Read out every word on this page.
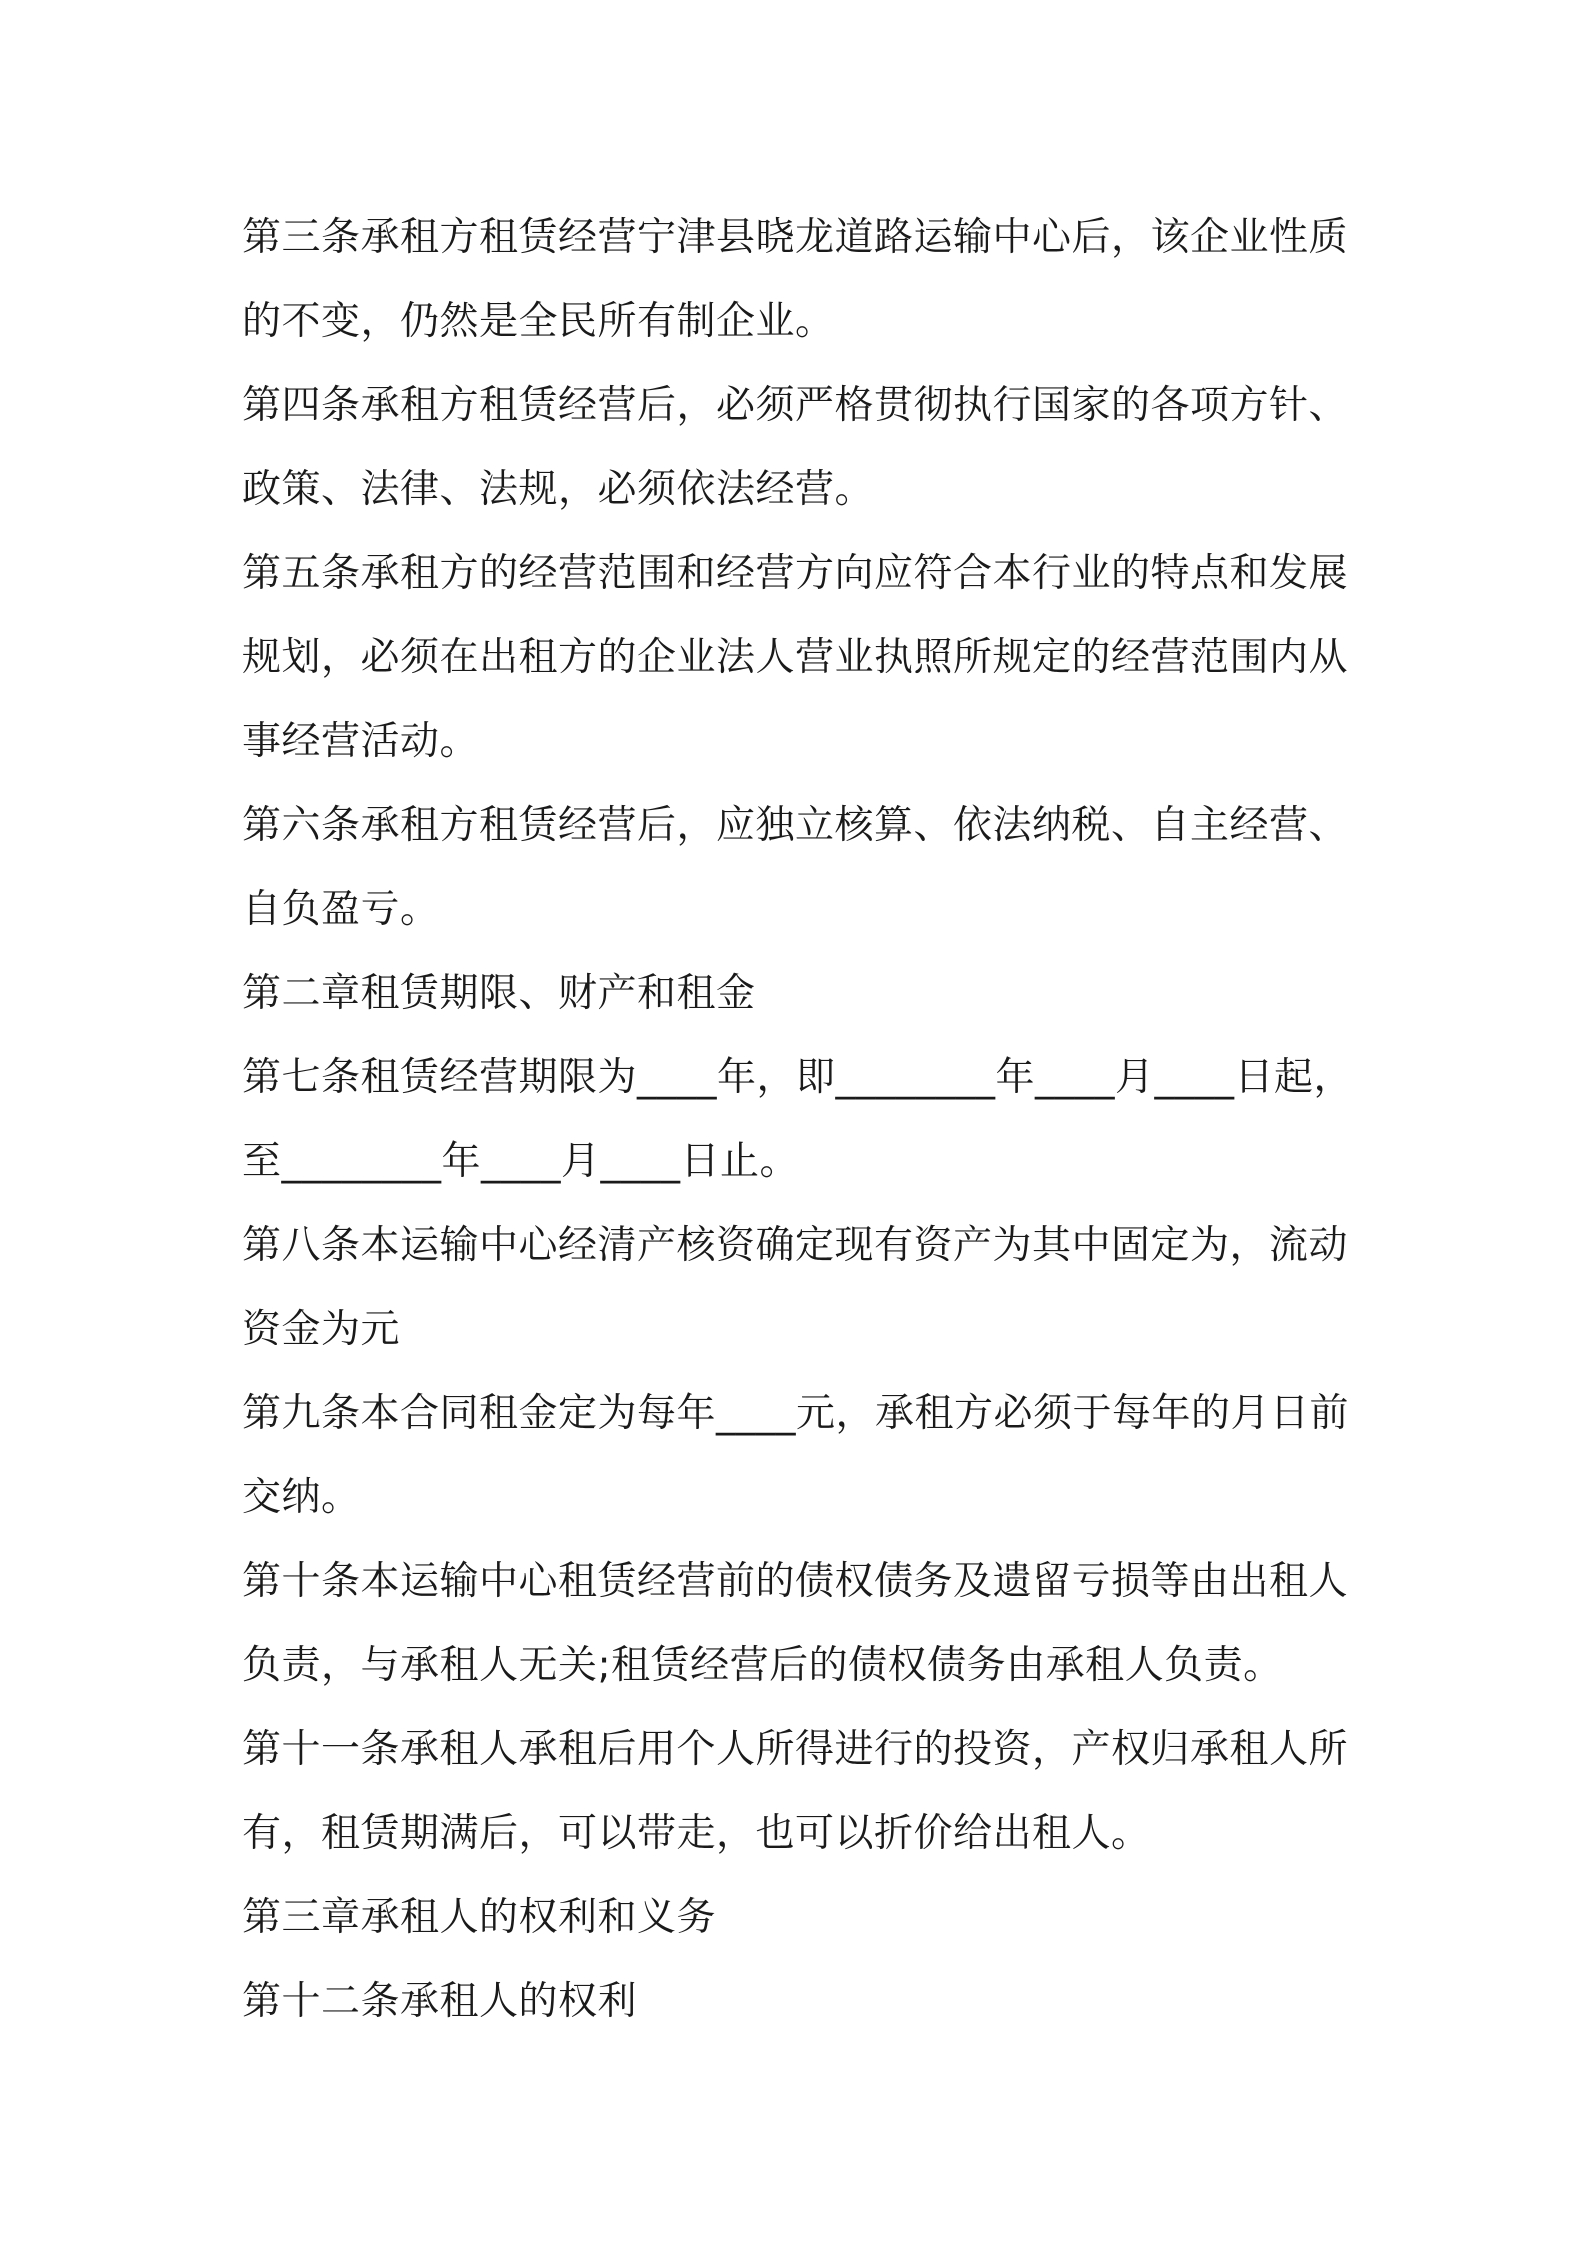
第三条承租方租赁经营宁津县晓龙道路运输中心后，该企业性质的不变，仍然是全民所有制企业。

第四条承租方租赁经营后，必须严格贯彻执行国家的各项方针、政策、法律、法规，必须依法经营。

第五条承租方的经营范围和经营方向应符合本行业的特点和发展规划，必须在出租方的企业法人营业执照所规定的经营范围内从事经营活动。

第六条承租方租赁经营后，应独立核算、依法纳税、自主经营、自负盈亏。

第二章租赁期限、财产和租金

第七条租赁经营期限为____年，即________年____月____日起，至________年____月____日止。

第八条本运输中心经清产核资确定现有资产为其中固定为，流动资金为元

第九条本合同租金定为每年____元，承租方必须于每年的月日前交纳。

第十条本运输中心租赁经营前的债权债务及遗留亏损等由出租人负责，与承租人无关;租赁经营后的债权债务由承租人负责。

第十一条承租人承租后用个人所得进行的投资，产权归承租人所有，租赁期满后，可以带走，也可以折价给出租人。

第三章承租人的权利和义务

第十二条承租人的权利
